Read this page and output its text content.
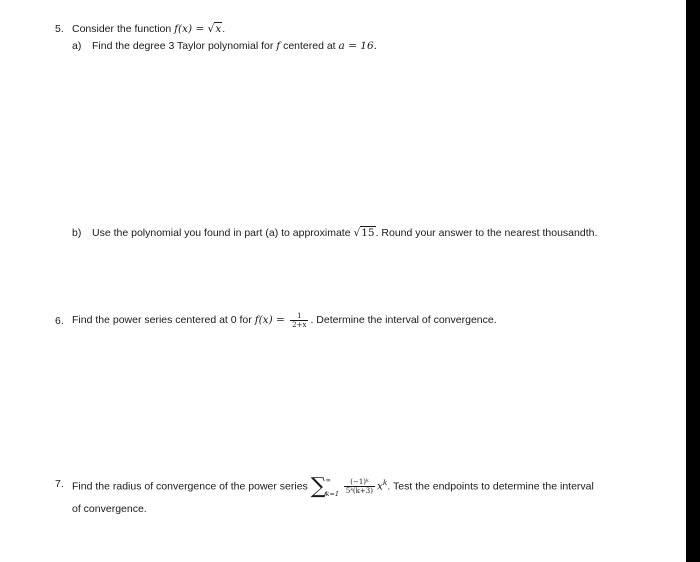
5. Consider the function f(x) = √x.
a) Find the degree 3 Taylor polynomial for f centered at a = 16.
b) Use the polynomial you found in part (a) to approximate √15. Round your answer to the nearest thousandth.
6. Find the power series centered at 0 for $f(x) = \frac{1}{2+x}$ . Determine the interval of convergence.
7. Find the radius of convergence of the power series ∑ ∞
k=1
$\frac{\text{(−1)ᵏ}}{\text{5ᵏ(k+3)}} x^k$. Test the endpoints to determine the interval
of convergence.
